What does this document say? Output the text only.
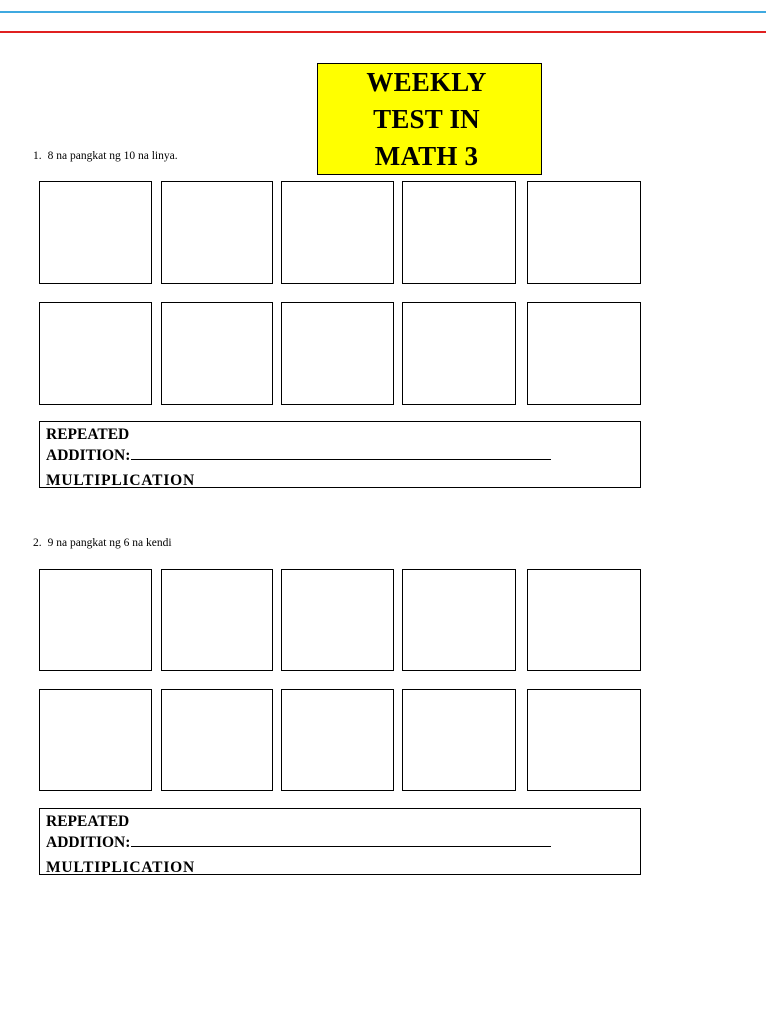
WEEKLY
TEST IN
MATH 3
1. 8 na pangkat ng 10 na linya.
REPEATED
ADDITION:
MULTIPLICATION
2. 9 na pangkat ng 6 na kendi
REPEATED
ADDITION:
MULTIPLICATION
